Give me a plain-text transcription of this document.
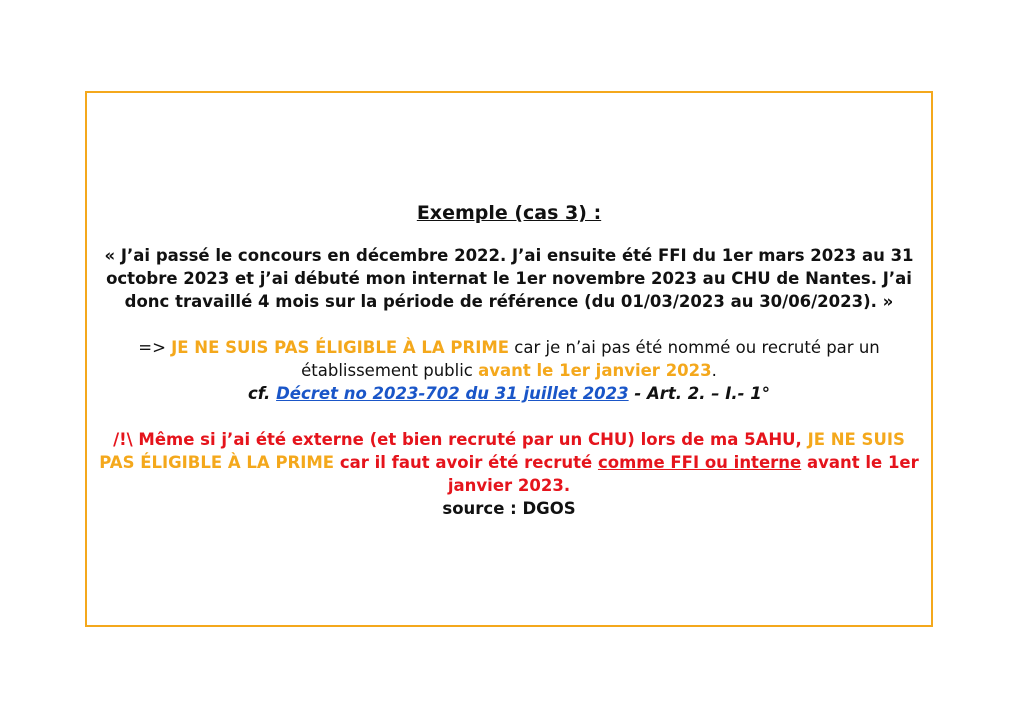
Exemple (cas 3) :

« J’ai passé le concours en décembre 2022. J’ai ensuite été FFI du 1er mars 2023 au 31 octobre 2023 et j’ai débuté mon internat le 1er novembre 2023 au CHU de Nantes. J’ai donc travaillé 4 mois sur la période de référence (du 01/03/2023 au 30/06/2023). »

=> JE NE SUIS PAS ÉLIGIBLE À LA PRIME car je n’ai pas été nommé ou recruté par un établissement public avant le 1er janvier 2023.

cf. Décret no 2023-702 du 31 juillet 2023 - Art. 2. – I.- 1°

/!\ Même si j’ai été externe (et bien recruté par un CHU) lors de ma 5AHU, JE NE SUIS PAS ÉLIGIBLE À LA PRIME car il faut avoir été recruté comme FFI ou interne avant le 1er janvier 2023.

source : DGOS
